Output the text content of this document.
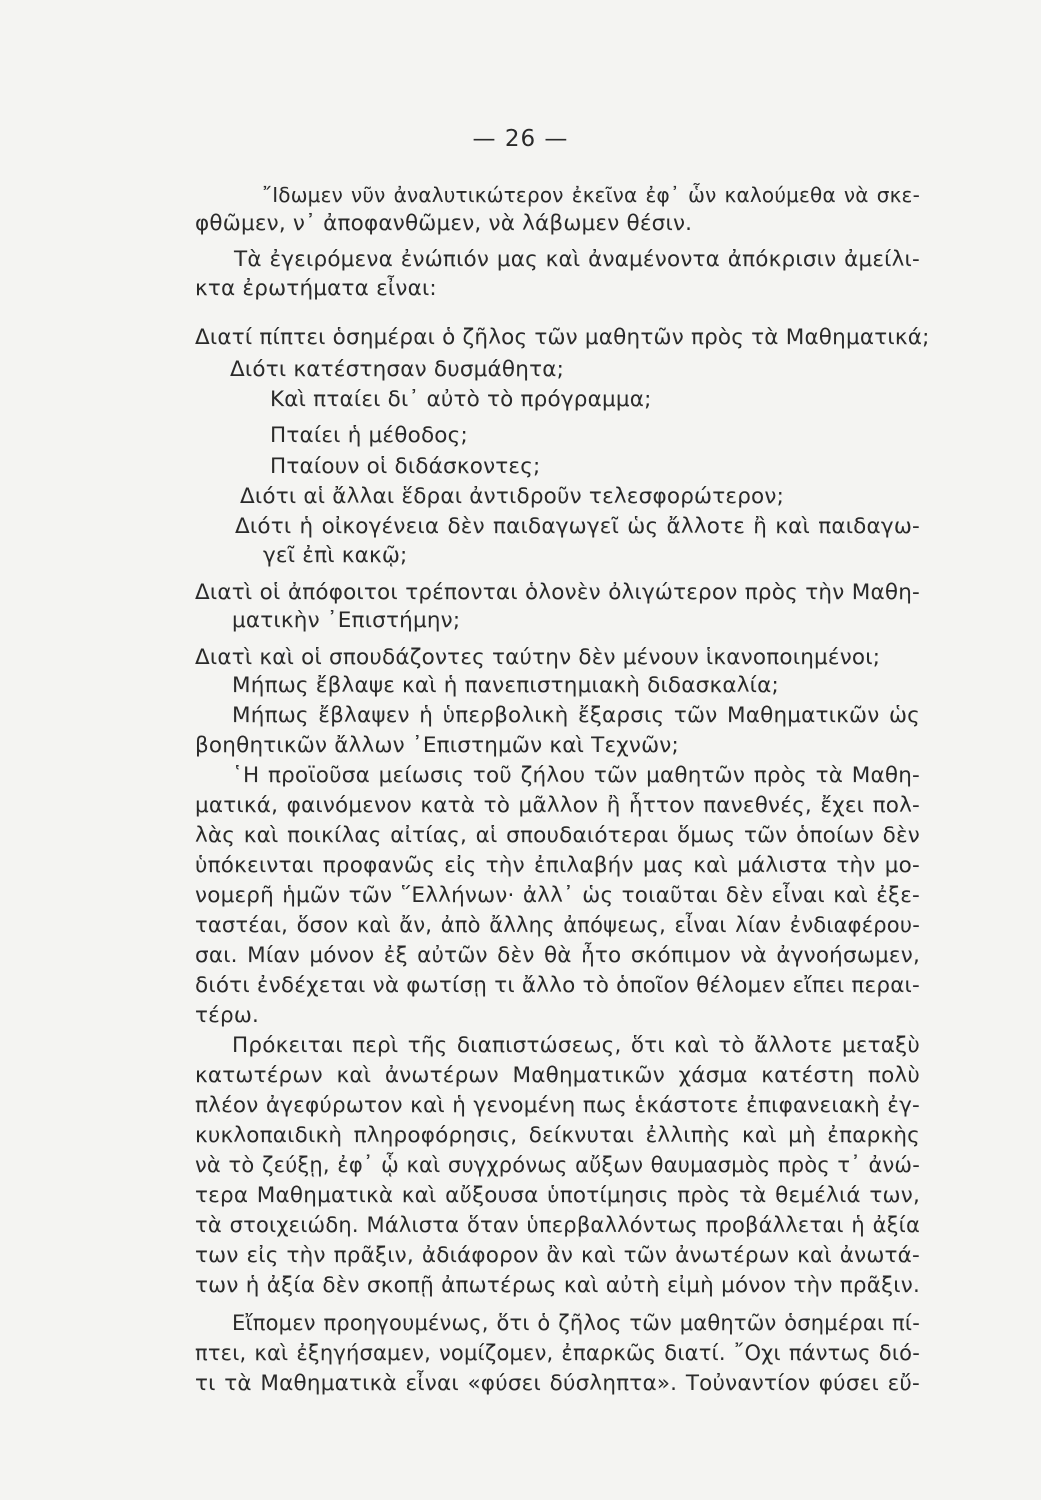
— 26 —

῎Ιδωμεν νῦν ἀναλυτικώτερον ἐκεῖνα ἐφ᾽ ὧν καλούμεθα νὰ σκε-

φθῶμεν, ν᾽ ἀποφανθῶμεν, νὰ λάβωμεν θέσιν.

Τὰ ἐγειρόμενα ἐνώπιόν μας καὶ ἀναμένοντα ἀπόκρισιν ἀμείλι-

κτα ἐρωτήματα εἶναι:

Διατί πίπτει ὁσημέραι ὁ ζῆλος τῶν μαθητῶν πρὸς τὰ Μαθηματικά;

Διότι κατέστησαν δυσμάθητα;

Καὶ πταίει δι᾽ αὐτὸ τὸ πρόγραμμα;

Πταίει ἡ μέθοδος;

Πταίουν οἱ διδάσκοντες;

Διότι αἱ ἄλλαι ἕδραι ἀντιδροῦν τελεσφορώτερον;

Διότι ἡ οἰκογένεια δὲν παιδαγωγεῖ ὡς ἄλλοτε ἢ καὶ παιδαγω-

γεῖ ἐπὶ κακῷ;

Διατὶ οἱ ἀπόφοιτοι τρέπονται ὁλονὲν ὀλιγώτερον πρὸς τὴν Μαθη-

ματικὴν ᾿Επιστήμην;

Διατὶ καὶ οἱ σπουδάζοντες ταύτην δὲν μένουν ἱκανοποιημένοι;

Μήπως ἔβλαψε καὶ ἡ πανεπιστημιακὴ διδασκαλία;

Μήπως ἔβλαψεν ἡ ὑπερβολικὴ ἔξαρσις τῶν Μαθηματικῶν ὡς

βοηθητικῶν ἄλλων ᾿Επιστημῶν καὶ Τεχνῶν;

῾Η προϊοῦσα μείωσις τοῦ ζήλου τῶν μαθητῶν πρὸς τὰ Μαθη-

ματικά, φαινόμενον κατὰ τὸ μᾶλλον ἢ ἧττον πανεθνές, ἔχει πολ-

λὰς καὶ ποικίλας αἰτίας, αἱ σπουδαιότεραι ὅμως τῶν ὁποίων δὲν

ὑπόκεινται προφανῶς εἰς τὴν ἐπιλαβήν μας καὶ μάλιστα τὴν μο-

νομερῆ ἡμῶν τῶν ῞Ελλήνων· ἀλλ᾽ ὡς τοιαῦται δὲν εἶναι καὶ ἐξε-

ταστέαι, ὅσον καὶ ἄν, ἀπὸ ἄλλης ἀπόψεως, εἶναι λίαν ἐνδιαφέρου-

σαι. Μίαν μόνον ἐξ αὐτῶν δὲν θὰ ἦτο σκόπιμον νὰ ἀγνοήσωμεν,

διότι ἐνδέχεται νὰ φωτίσῃ τι ἄλλο τὸ ὁποῖον θέλομεν εἴπει περαι-

τέρω.

Πρόκειται περὶ τῆς διαπιστώσεως, ὅτι καὶ τὸ ἄλλοτε μεταξὺ

κατωτέρων καὶ ἀνωτέρων Μαθηματικῶν χάσμα κατέστη πολὺ

πλέον ἀγεφύρωτον καὶ ἡ γενομένη πως ἑκάστοτε ἐπιφανειακὴ ἐγ-

κυκλοπαιδικὴ πληροφόρησις, δείκνυται ἐλλιπὴς καὶ μὴ ἐπαρκὴς

νὰ τὸ ζεύξῃ, ἐφ᾽ ᾧ καὶ συγχρόνως αὔξων θαυμασμὸς πρὸς τ᾽ ἀνώ-

τερα Μαθηματικὰ καὶ αὔξουσα ὑποτίμησις πρὸς τὰ θεμέλιά των,

τὰ στοιχειώδη. Μάλιστα ὅταν ὑπερβαλλόντως προβάλλεται ἡ ἀξία

των εἰς τὴν πρᾶξιν, ἀδιάφορον ἂν καὶ τῶν ἀνωτέρων καὶ ἀνωτά-

των ἡ ἀξία δὲν σκοπῇ ἀπωτέρως καὶ αὐτὴ εἰμὴ μόνον τὴν πρᾶξιν.

Εἴπομεν προηγουμένως, ὅτι ὁ ζῆλος τῶν μαθητῶν ὁσημέραι πί-

πτει, καὶ ἐξηγήσαμεν, νομίζομεν, ἐπαρκῶς διατί. ῎Οχι πάντως διό-

τι τὰ Μαθηματικὰ εἶναι «φύσει δύσληπτα». Τοὐναντίον φύσει εὔ-
